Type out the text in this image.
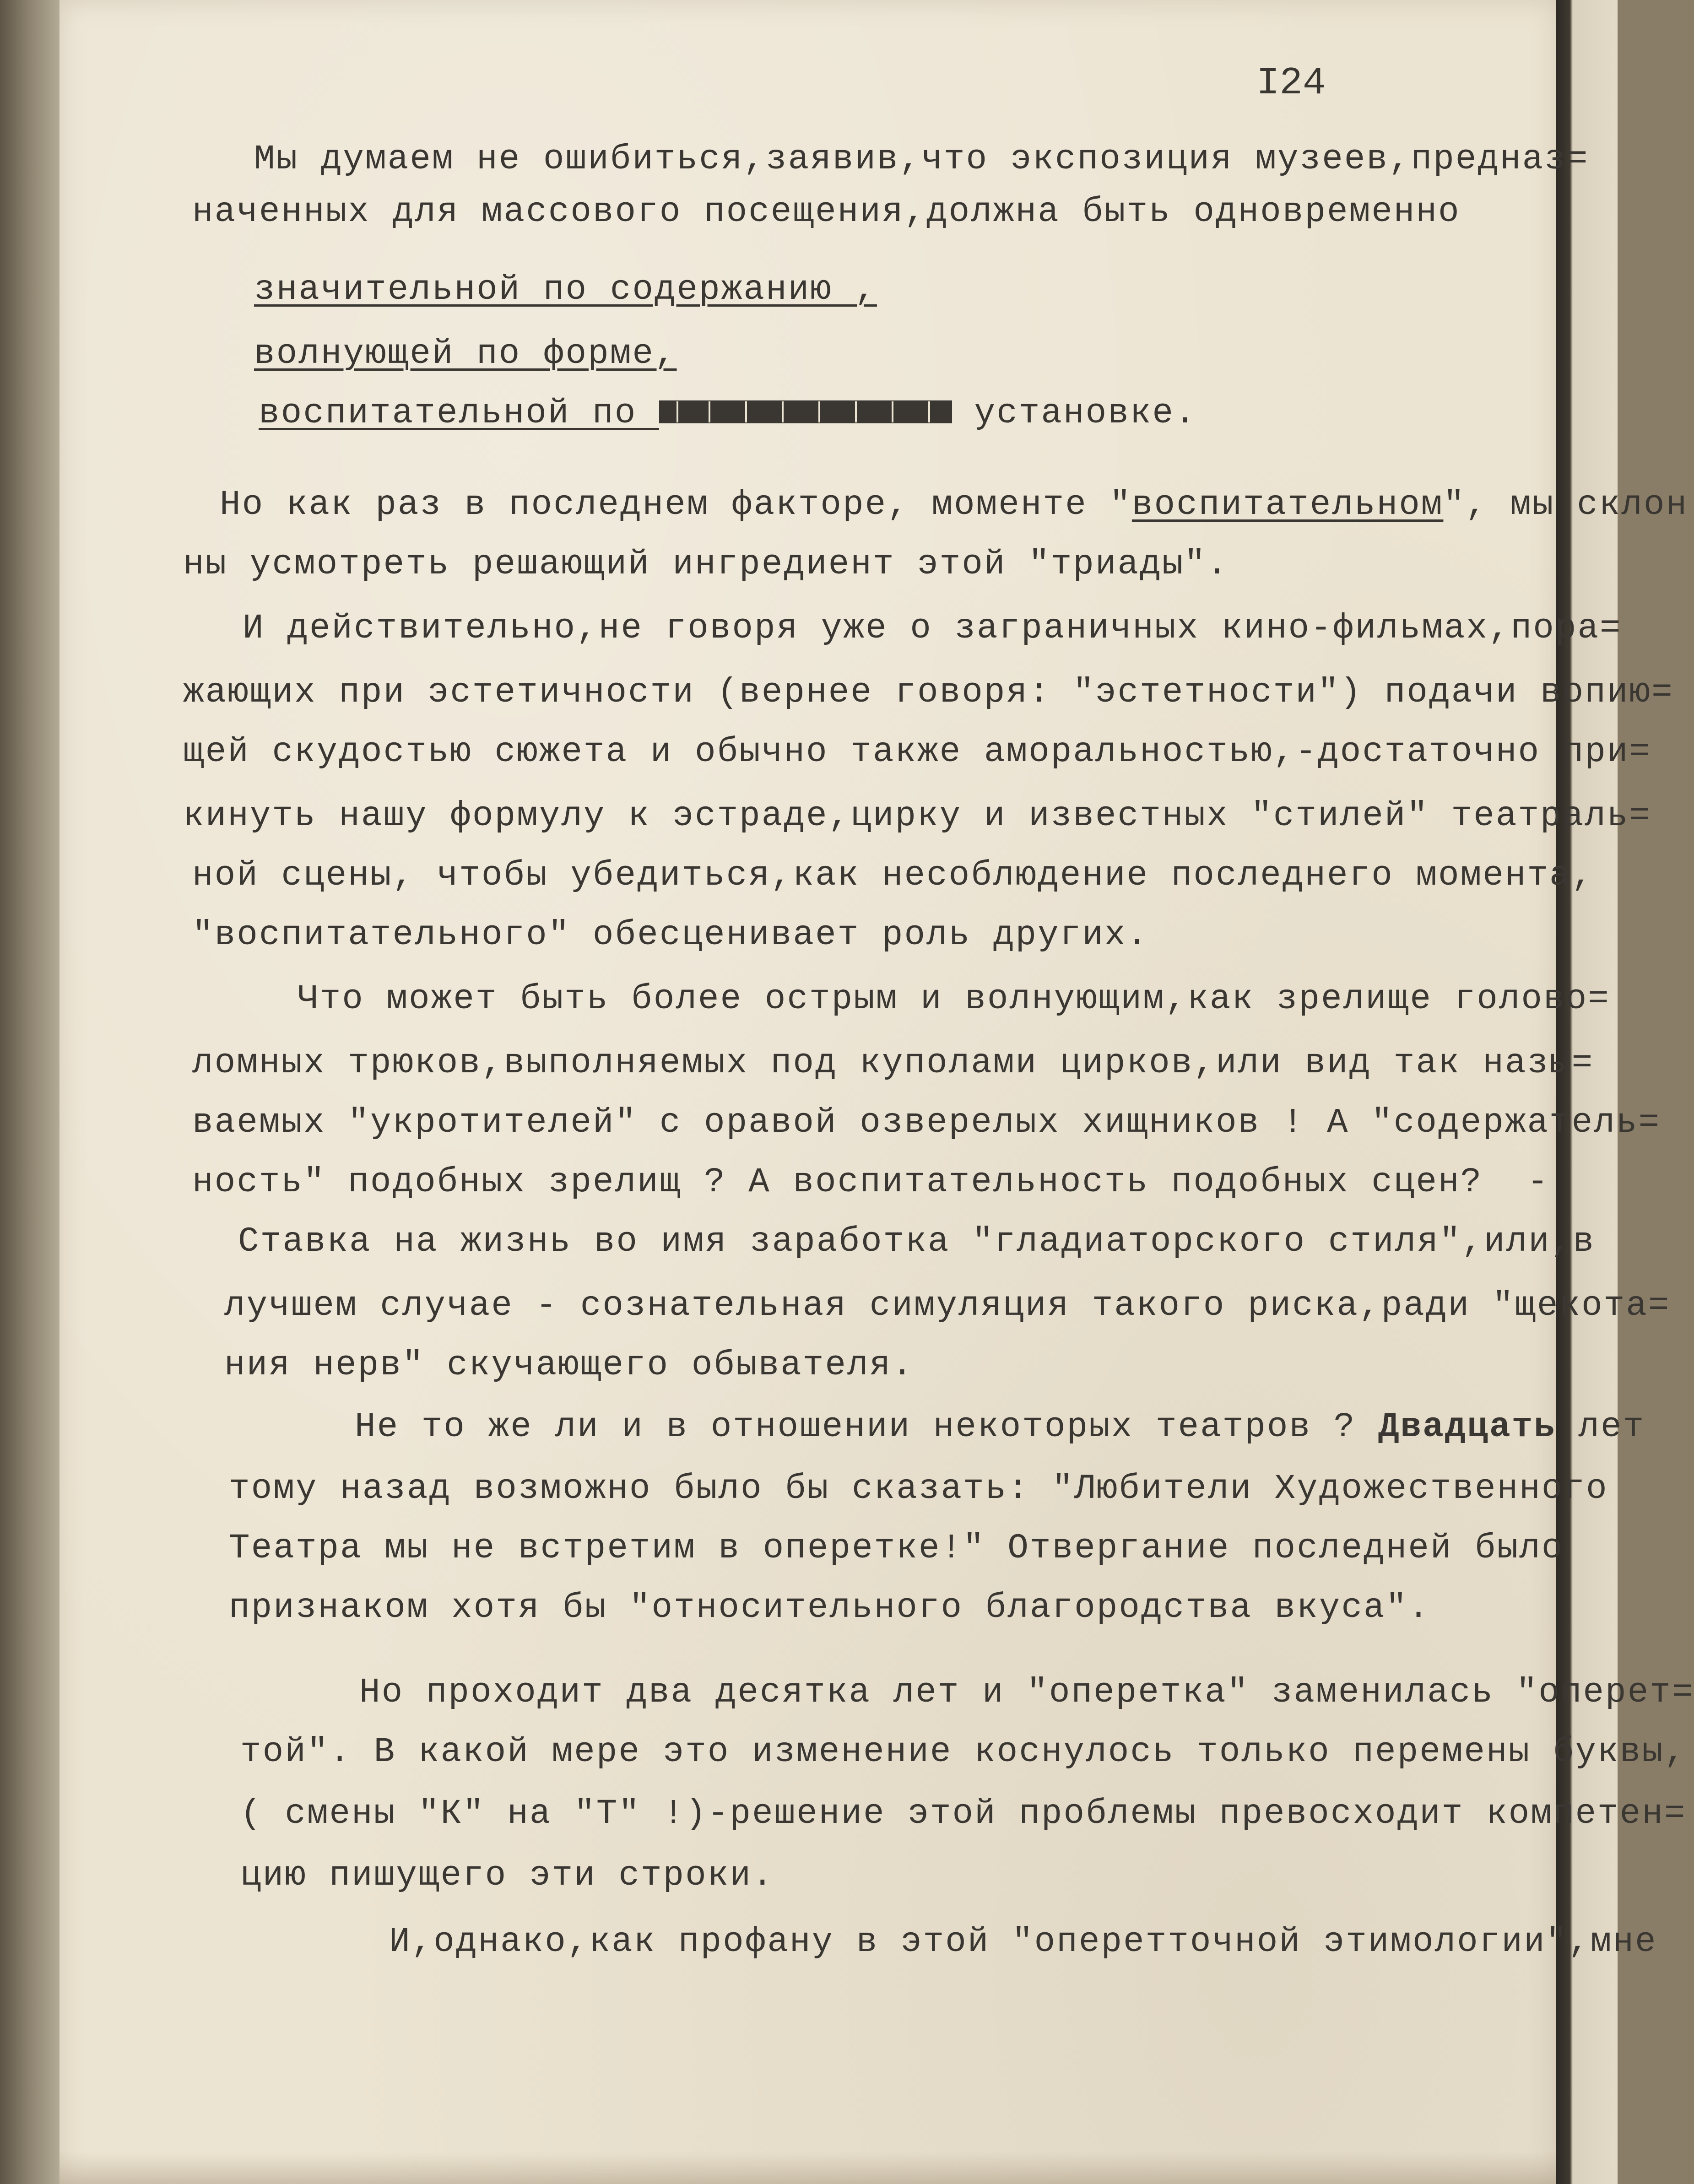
I24
Мы думаем не ошибиться,заявив,что экспозиция музеев,предназ=
наченных для массового посещения,должна быть одновременно
значительной по содержанию ,
волнующей по форме,
воспитательной по	установке.
Но как раз в последнем факторе, моменте "воспитательном", мы склон
ны усмотреть решающий ингредиент этой "триады".
И действительно,не говоря уже о заграничных кино-фильмах,пора=
жающих при эстетичности (вернее говоря: "эстетности") подачи вопию=
щей скудостью сюжета и обычно также аморальностью,-достаточно при=
кинуть нашу формулу к эстраде,цирку и известных "стилей" театраль=
ной сцены, чтобы убедиться,как несоблюдение последнего момента,
"воспитательного" обесценивает роль других.
Что может быть более острым и волнующим,как зрелище голово=
ломных трюков,выполняемых под куполами цирков,или вид так назы=
ваемых "укротителей" с оравой озверелых хищников ! А "содержатель=
ность" подобных зрелищ ? А воспитательность подобных сцен?  -
Ставка на жизнь во имя заработка "гладиаторского стиля",или,в
лучшем случае - сознательная симуляция такого риска,ради "щекота=
ния нерв" скучающего обывателя.
Не то же ли и в отношении некоторых театров ? Двадцать лет
тому назад возможно было бы сказать: "Любители Художественного
Театра мы не встретим в оперетке!" Отвергание последней было
признаком хотя бы "относительного благородства вкуса".
Но проходит два десятка лет и "оперетка" заменилась "оперет=
той". В какой мере это изменение коснулось только перемены буквы,
( смены "К" на "Т" !)-решение этой проблемы превосходит компетен=
цию пишущего эти строки.
И,однако,как профану в этой "оперетточной этимологии",мне
